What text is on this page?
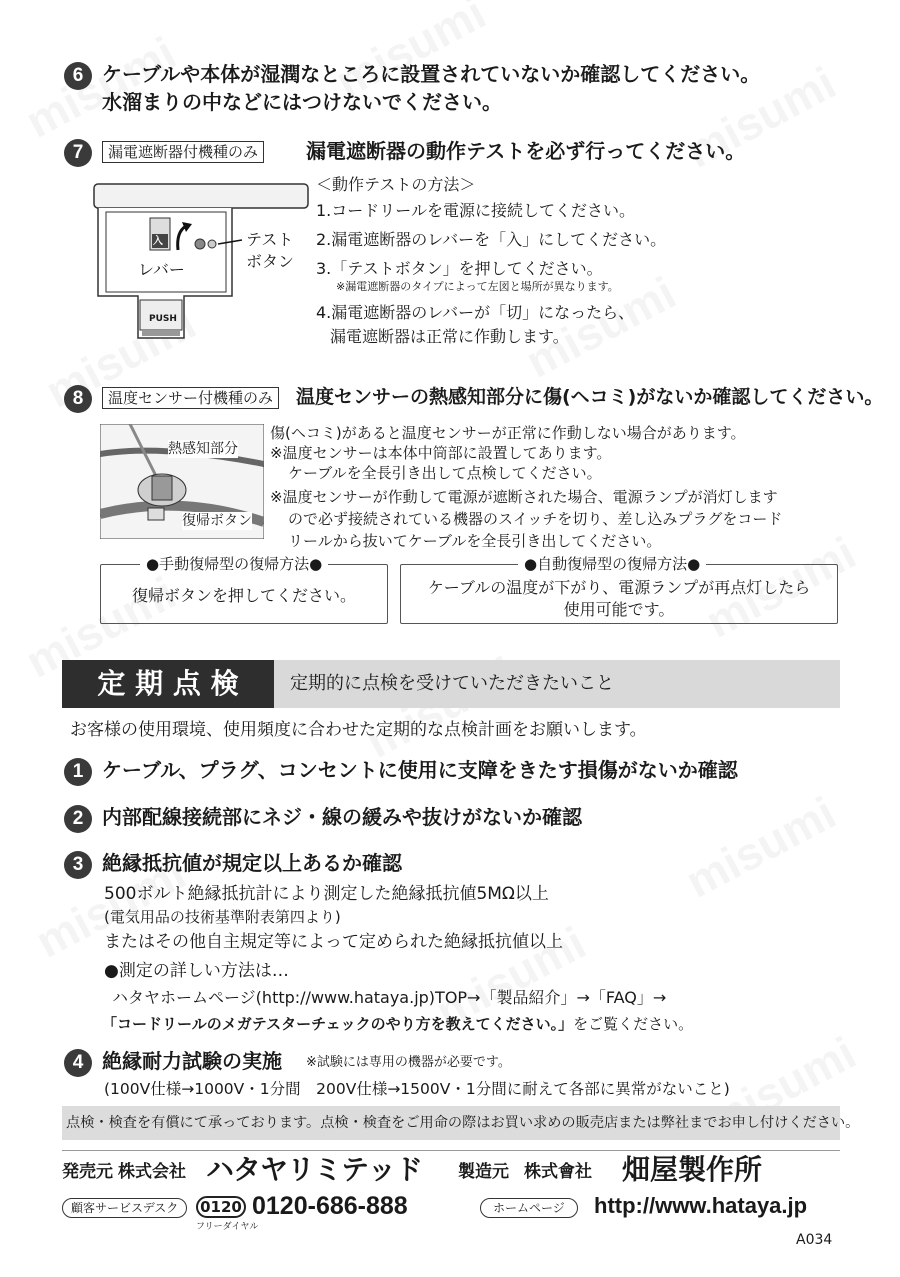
6 ケーブルや本体が湿潤なところに設置されていないか確認してください。
水溜まりの中などにはつけないでください。
7	漏電遮断器付機種のみ	漏電遮断器の動作テストを必ず行ってください。
入
PUSH
レバー
テスト
ボタン
＜動作テストの方法＞
1.コードリールを電源に接続してください。
2.漏電遮断器のレバーを「入」にしてください。
3.「テストボタン」を押してください。
※漏電遮断器のタイプによって左図と場所が異なります。
4.漏電遮断器のレバーが「切」になったら、
漏電遮断器は正常に作動します。
8	温度センサー付機種のみ	温度センサーの熱感知部分に傷(ヘコミ)がないか確認してください。
熱感知部分
復帰ボタン
傷(ヘコミ)があると温度センサーが正常に作動しない場合があります。
※温度センサーは本体中筒部に設置してあります。
ケーブルを全長引き出して点検してください。
※温度センサーが作動して電源が遮断された場合、電源ランプが消灯します
ので必ず接続されている機器のスイッチを切り、差し込みプラグをコード
リールから抜いてケーブルを全長引き出してください。
●手動復帰型の復帰方法●
復帰ボタンを押してください。
●自動復帰型の復帰方法●
ケーブルの温度が下がり、電源ランプが再点灯したら
使用可能です。
定 期 点 検	定期的に点検を受けていただきたいこと
お客様の使用環境、使用頻度に合わせた定期的な点検計画をお願いします。
1 ケーブル、プラグ、コンセントに使用に支障をきたす損傷がないか確認
2 内部配線接続部にネジ・線の緩みや抜けがないか確認
3 絶縁抵抗値が規定以上あるか確認
500ボルト絶縁抵抗計により測定した絶縁抵抗値5MΩ以上
(電気用品の技術基準附表第四より)
またはその他自主規定等によって定められた絶縁抵抗値以上
●測定の詳しい方法は…
ハタヤホームページ(http://www.hataya.jp)TOP→「製品紹介」→「FAQ」→
「コードリールのメガテスターチェックのやり方を教えてください。」をご覧ください。
4 絶縁耐力試験の実施 ※試験には専用の機器が必要です。
(100V仕様→1000V・1分間　200V仕様→1500V・1分間に耐えて各部に異常がないこと)
点検・検査を有償にて承っております。点検・検査をご用命の際はお買い求めの販売店または弊社までお申し付けください。
発売元 株式会社 ハタヤリミテッド 製造元 株式會社 畑屋製作所
顧客サービスデスク	0120
フリーダイヤル
0120-686-888	ホームページ	http://www.hataya.jp
A034
